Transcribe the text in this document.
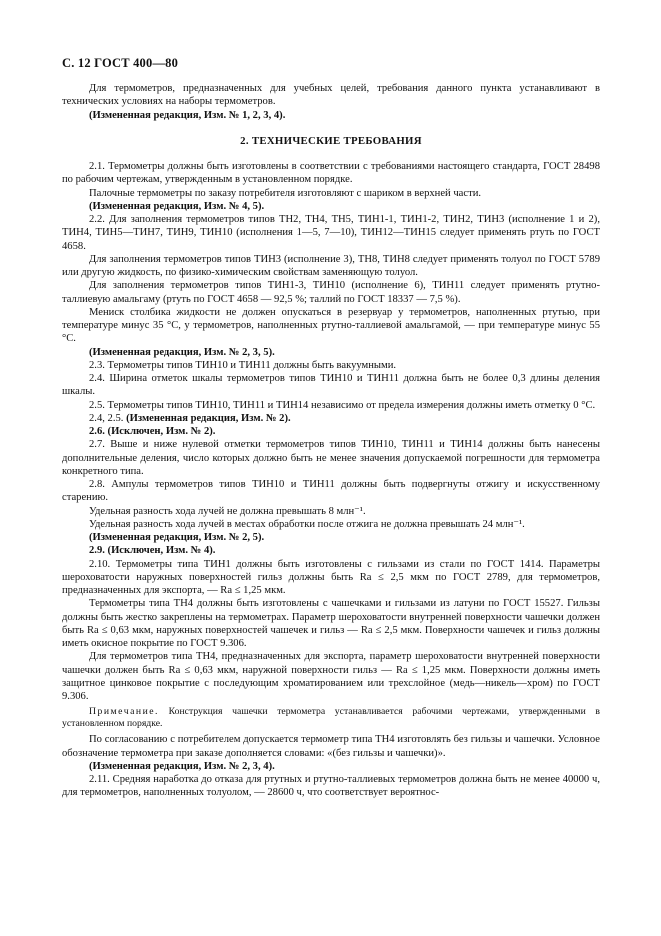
С. 12 ГОСТ 400—80

Для термометров, предназначенных для учебных целей, требования данного пункта устанавливают в технических условиях на наборы термометров.

(Измененная редакция, Изм. № 1, 2, 3, 4).

2. ТЕХНИЧЕСКИЕ ТРЕБОВАНИЯ

2.1. Термометры должны быть изготовлены в соответствии с требованиями настоящего стандарта, ГОСТ 28498 по рабочим чертежам, утвержденным в установленном порядке.

Палочные термометры по заказу потребителя изготовляют с шариком в верхней части.

(Измененная редакция, Изм. № 4, 5).

2.2. Для заполнения термометров типов ТН2, ТН4, ТН5, ТИН1-1, ТИН1-2, ТИН2, ТИН3 (исполнение 1 и 2), ТИН4, ТИН5—ТИН7, ТИН9, ТИН10 (исполнения 1—5, 7—10), ТИН12—ТИН15 следует применять ртуть по ГОСТ 4658.

Для заполнения термометров типов ТИН3 (исполнение 3), ТН8, ТИН8 следует применять толуол по ГОСТ 5789 или другую жидкость, по физико-химическим свойствам заменяющую толуол.

Для заполнения термометров типов ТИН1-3, ТИН10 (исполнение 6), ТИН11 следует применять ртутно-таллиевую амальгаму (ртуть по ГОСТ 4658 — 92,5 %; таллий по ГОСТ 18337 — 7,5 %).

Мениск столбика жидкости не должен опускаться в резервуар у термометров, наполненных ртутью, при температуре минус 35 °С, у термометров, наполненных ртутно-таллиевой амальгамой, — при температуре минус 55 °С.

(Измененная редакция, Изм. № 2, 3, 5).

2.3. Термометры типов ТИН10 и ТИН11 должны быть вакуумными.

2.4. Ширина отметок шкалы термометров типов ТИН10 и ТИН11 должна быть не более 0,3 длины деления шкалы.

2.5. Термометры типов ТИН10, ТИН11 и ТИН14 независимо от предела измерения должны иметь отметку 0 °С.

2.4, 2.5. (Измененная редакция, Изм. № 2).

2.6. (Исключен, Изм. № 2).

2.7. Выше и ниже нулевой отметки термометров типов ТИН10, ТИН11 и ТИН14 должны быть нанесены дополнительные деления, число которых должно быть не менее значения допускаемой погрешности для термометра конкретного типа.

2.8. Ампулы термометров типов ТИН10 и ТИН11 должны быть подвергнуты отжигу и искусственному старению.

Удельная разность хода лучей не должна превышать 8 млн⁻¹.

Удельная разность хода лучей в местах обработки после отжига не должна превышать 24 млн⁻¹.

(Измененная редакция, Изм. № 2, 5).

2.9. (Исключен, Изм. № 4).

2.10. Термометры типа ТИН1 должны быть изготовлены с гильзами из стали по ГОСТ 1414. Параметры шероховатости наружных поверхностей гильз должны быть Ra ≤ 2,5 мкм по ГОСТ 2789, для термометров, предназначенных для экспорта, — Ra ≤ 1,25 мкм.

Термометры типа ТН4 должны быть изготовлены с чашечками и гильзами из латуни по ГОСТ 15527. Гильзы должны быть жестко закреплены на термометрах. Параметр шероховатости внутренней поверхности чашечки должен быть Ra ≤ 0,63 мкм, наружных поверхностей чашечек и гильз — Ra ≤ 2,5 мкм. Поверхности чашечек и гильз должны иметь окисное покрытие по ГОСТ 9.306.

Для термометров типа ТН4, предназначенных для экспорта, параметр шероховатости внутренней поверхности чашечки должен быть Ra ≤ 0,63 мкм, наружной поверхности гильз — Ra ≤ 1,25 мкм. Поверхности должны иметь защитное цинковое покрытие с последующим хроматированием или трехслойное (медь—никель—хром) по ГОСТ 9.306.

Примечание. Конструкция чашечки термометра устанавливается рабочими чертежами, утвержденными в установленном порядке.

По согласованию с потребителем допускается термометр типа ТН4 изготовлять без гильзы и чашечки. Условное обозначение термометра при заказе дополняется словами: «(без гильзы и чашечки)».

(Измененная редакция, Изм. № 2, 3, 4).

2.11. Средняя наработка до отказа для ртутных и ртутно-таллиевых термометров должна быть не менее 40000 ч, для термометров, наполненных толуолом, — 28600 ч, что соответствует вероятнос-
